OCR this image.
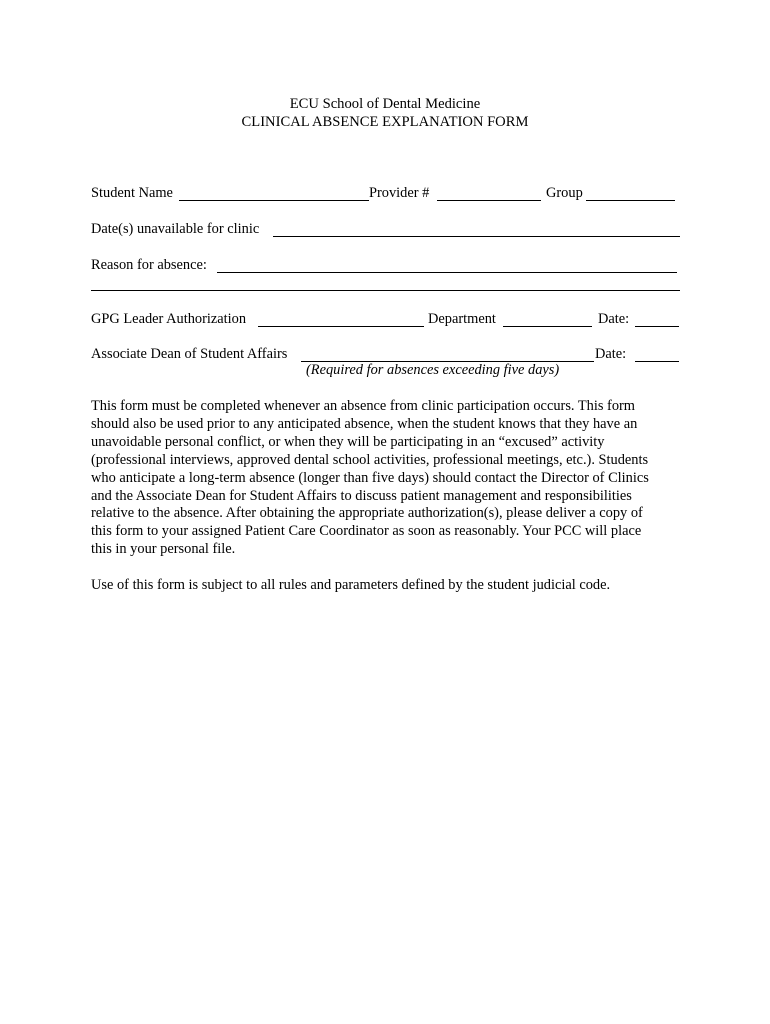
ECU School of Dental Medicine
CLINICAL ABSENCE EXPLANATION FORM
Student Name	Provider #	Group
Date(s) unavailable for clinic
Reason for absence:
GPG Leader Authorization	Department	Date:
Associate Dean of Student Affairs	Date:
(Required for absences exceeding five days)
This form must be completed whenever an absence from clinic participation occurs. This form
should also be used prior to any anticipated absence, when the student knows that they have an
unavoidable personal conflict, or when they will be participating in an “excused” activity
(professional interviews, approved dental school activities, professional meetings, etc.). Students
who anticipate a long-term absence (longer than five days) should contact the Director of Clinics
and the Associate Dean for Student Affairs to discuss patient management and responsibilities
relative to the absence. After obtaining the appropriate authorization(s), please deliver a copy of
this form to your assigned Patient Care Coordinator as soon as reasonably. Your PCC will place
this in your personal file.
Use of this form is subject to all rules and parameters defined by the student judicial code.
